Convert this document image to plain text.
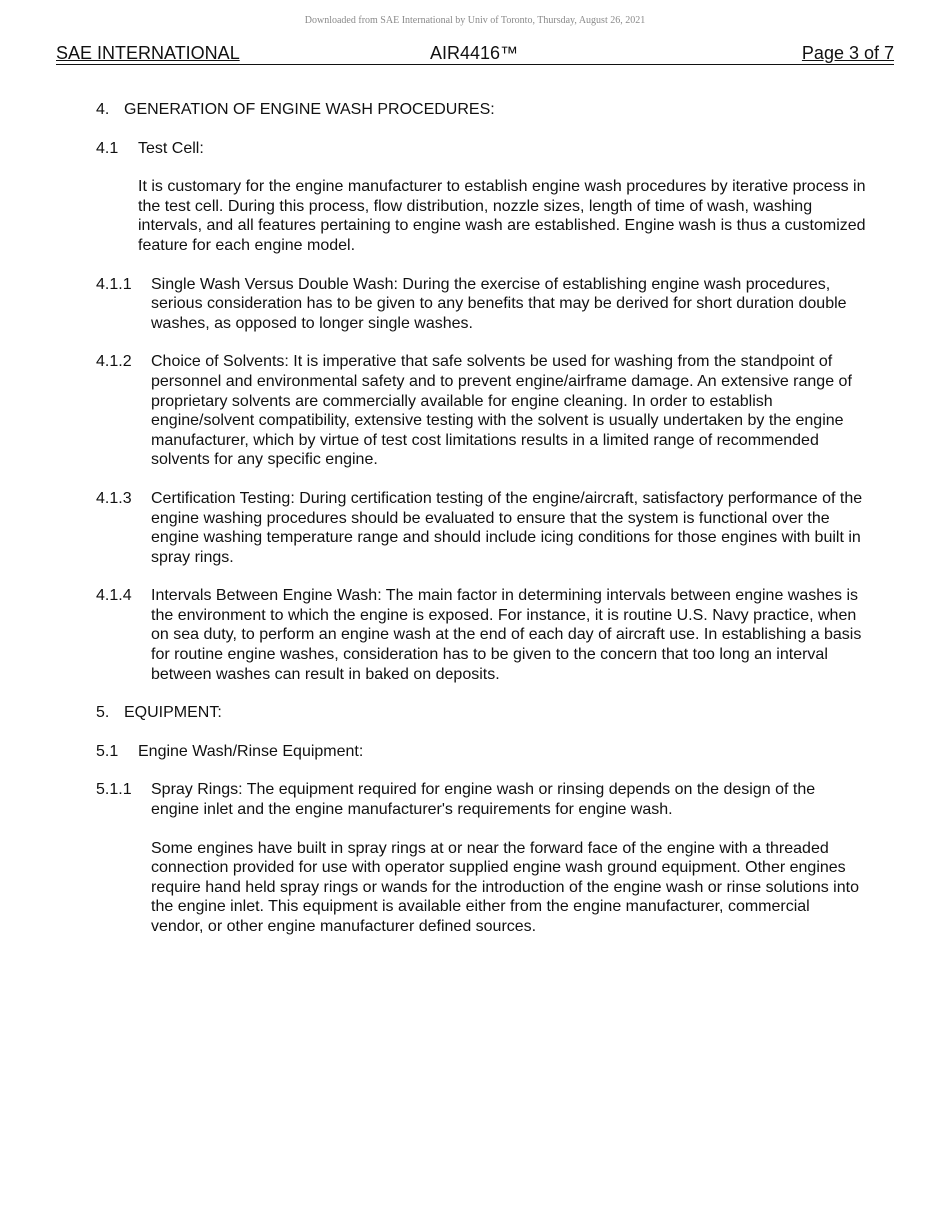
Downloaded from SAE International by Univ of Toronto, Thursday, August 26, 2021
SAE INTERNATIONAL	AIR4416™	Page 3 of 7
4. GENERATION OF ENGINE WASH PROCEDURES:
4.1	Test Cell:

It is customary for the engine manufacturer to establish engine wash procedures by iterative process in the test cell. During this process, flow distribution, nozzle sizes, length of time of wash, washing intervals, and all features pertaining to engine wash are established. Engine wash is thus a customized feature for each engine model.

4.1.1	Single Wash Versus Double Wash: During the exercise of establishing engine wash procedures, serious consideration has to be given to any benefits that may be derived for short duration double washes, as opposed to longer single washes.
4.1.2	Choice of Solvents: It is imperative that safe solvents be used for washing from the standpoint of personnel and environmental safety and to prevent engine/airframe damage. An extensive range of proprietary solvents are commercially available for engine cleaning. In order to establish engine/solvent compatibility, extensive testing with the solvent is usually undertaken by the engine manufacturer, which by virtue of test cost limitations results in a limited range of recommended solvents for any specific engine.
4.1.3	Certification Testing: During certification testing of the engine/aircraft, satisfactory performance of the engine washing procedures should be evaluated to ensure that the system is functional over the engine washing temperature range and should include icing conditions for those engines with built in spray rings.
4.1.4	Intervals Between Engine Wash: The main factor in determining intervals between engine washes is the environment to which the engine is exposed. For instance, it is routine U.S. Navy practice, when on sea duty, to perform an engine wash at the end of each day of aircraft use. In establishing a basis for routine engine washes, consideration has to be given to the concern that too long an interval between washes can result in baked on deposits.
5. EQUIPMENT:
5.1	Engine Wash/Rinse Equipment:
5.1.1	Spray Rings: The equipment required for engine wash or rinsing depends on the design of the engine inlet and the engine manufacturer's requirements for engine wash.

Some engines have built in spray rings at or near the forward face of the engine with a threaded connection provided for use with operator supplied engine wash ground equipment. Other engines require hand held spray rings or wands for the introduction of the engine wash or rinse solutions into the engine inlet. This equipment is available either from the engine manufacturer, commercial vendor, or other engine manufacturer defined sources.
